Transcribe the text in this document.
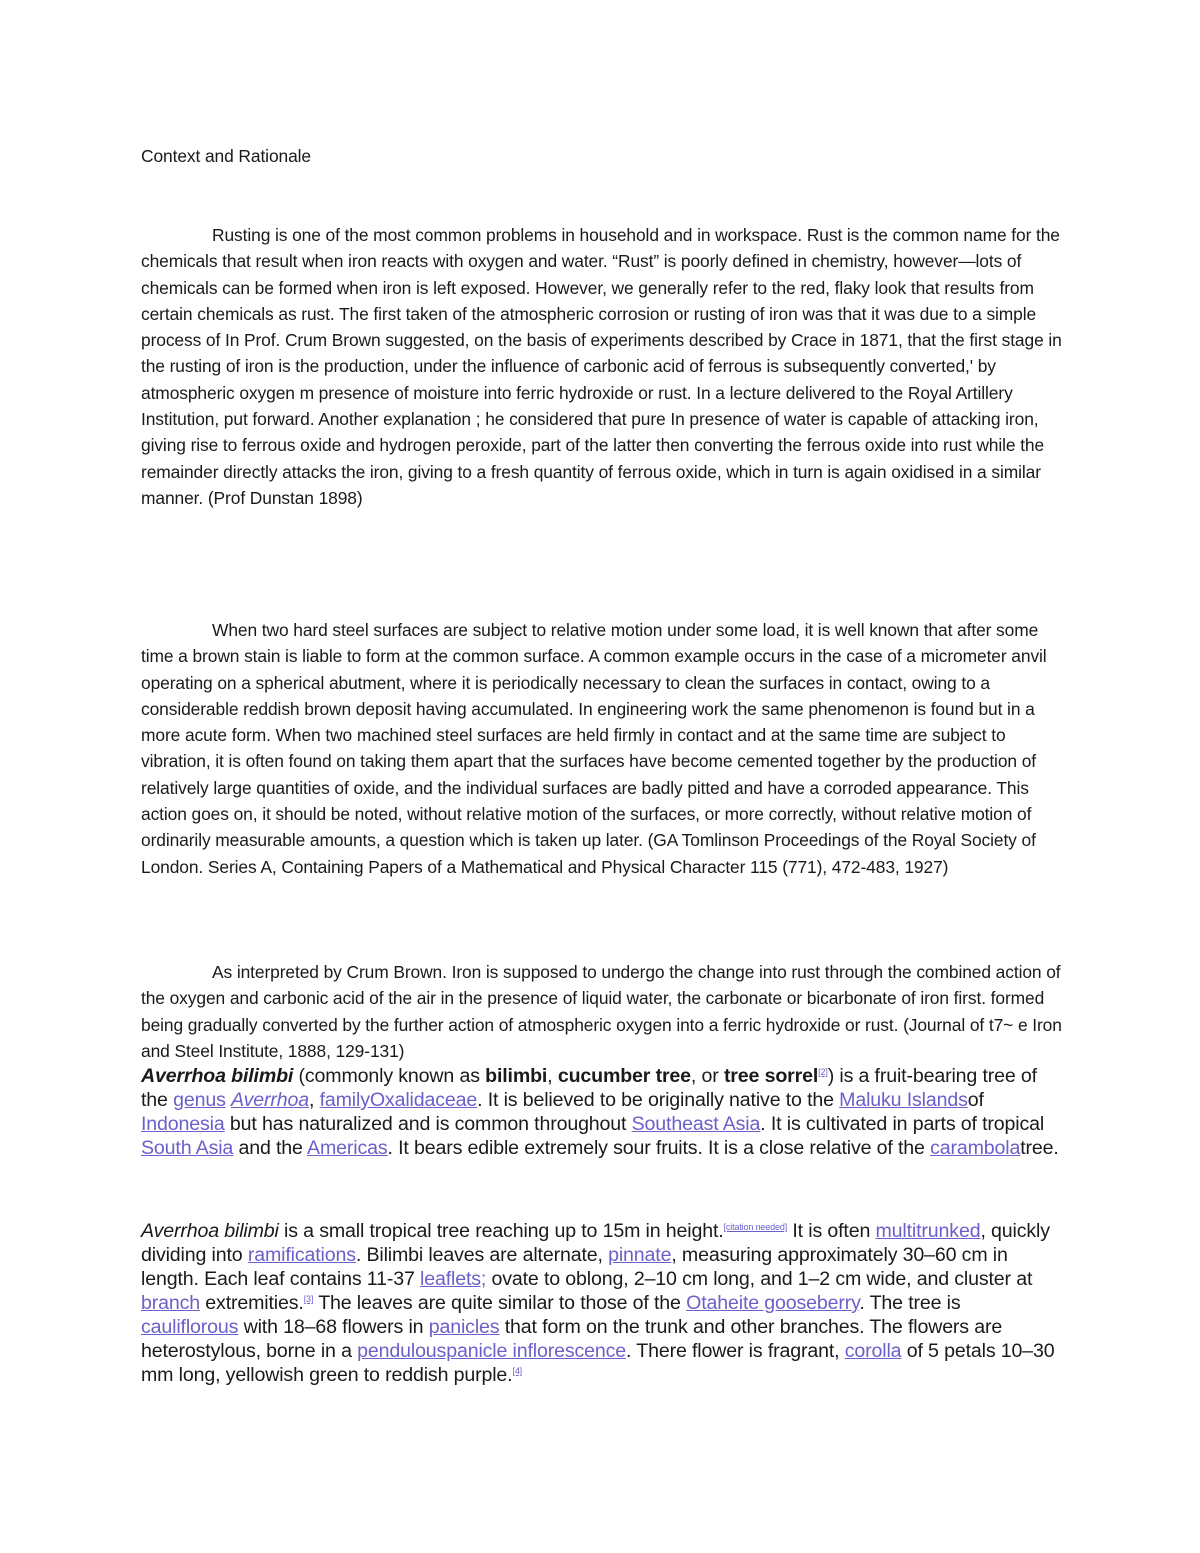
Context and Rationale

Rusting is one of the most common problems in household and in workspace. Rust is the common name for the chemicals that result when iron reacts with oxygen and water. “Rust” is poorly defined in chemistry, however—lots of chemicals can be formed when iron is left exposed. However, we generally refer to the red, flaky look that results from certain chemicals as rust. The first taken of the atmospheric corrosion or rusting of iron was that it was due to a simple process of In Prof. Crum Brown suggested, on the basis of experiments described by Crace in 1871, that the first stage in the rusting of iron is the production, under the influence of carbonic acid of ferrous is subsequently converted,' by atmospheric oxygen m presence of moisture into ferric hydroxide or rust. In a lecture delivered to the Royal Artillery Institution, put forward. Another explanation ; he considered that pure In presence of water is capable of attacking iron, giving rise to ferrous oxide and hydrogen peroxide, part of the latter then converting the ferrous oxide into rust while the remainder directly attacks the iron, giving to a fresh quantity of ferrous oxide, which in turn is again oxidised in a similar manner. (Prof Dunstan 1898)

When two hard steel surfaces are subject to relative motion under some load, it is well known that after some time a brown stain is liable to form at the common surface. A common example occurs in the case of a micrometer anvil operating on a spherical abutment, where it is periodically necessary to clean the surfaces in contact, owing to a considerable reddish brown deposit having accumulated. In engineering work the same phenomenon is found but in a more acute form. When two machined steel surfaces are held firmly in contact and at the same time are subject to vibration, it is often found on taking them apart that the surfaces have become cemented together by the production of relatively large quantities of oxide, and the individual surfaces are badly pitted and have a corroded appearance. This action goes on, it should be noted, without relative motion of the surfaces, or more correctly, without relative motion of ordinarily measurable amounts, a question which is taken up later. (GA Tomlinson Proceedings of the Royal Society of London. Series A, Containing Papers of a Mathematical and Physical Character 115 (771), 472-483, 1927)

As interpreted by Crum Brown. Iron is supposed to undergo the change into rust through the combined action of the oxygen and carbonic acid of the air in the presence of liquid water, the carbonate or bicarbonate of iron first. formed being gradually converted by the further action of atmospheric oxygen into a ferric hydroxide or rust. (Journal of t7~ e Iron and Steel Institute, 1888, 129-131)

Averrhoa bilimbi (commonly known as bilimbi, cucumber tree, or tree sorrel[2]) is a fruit-bearing tree of the genus Averrhoa, familyOxalidaceae. It is believed to be originally native to the Maluku Islandsof Indonesia but has naturalized and is common throughout Southeast Asia. It is cultivated in parts of tropical South Asia and the Americas. It bears edible extremely sour fruits. It is a close relative of the carambolatree.

Averrhoa bilimbi is a small tropical tree reaching up to 15m in height.[citation needed] It is often multitrunked, quickly dividing into ramifications. Bilimbi leaves are alternate, pinnate, measuring approximately 30–60 cm in length. Each leaf contains 11-37 leaflets; ovate to oblong, 2–10 cm long, and 1–2 cm wide, and cluster at branch extremities.[3] The leaves are quite similar to those of the Otaheite gooseberry. The tree is cauliflorous with 18–68 flowers in panicles that form on the trunk and other branches. The flowers are heterostylous, borne in a pendulouspanicle inflorescence. There flower is fragrant, corolla of 5 petals 10–30 mm long, yellowish green to reddish purple.[4]
